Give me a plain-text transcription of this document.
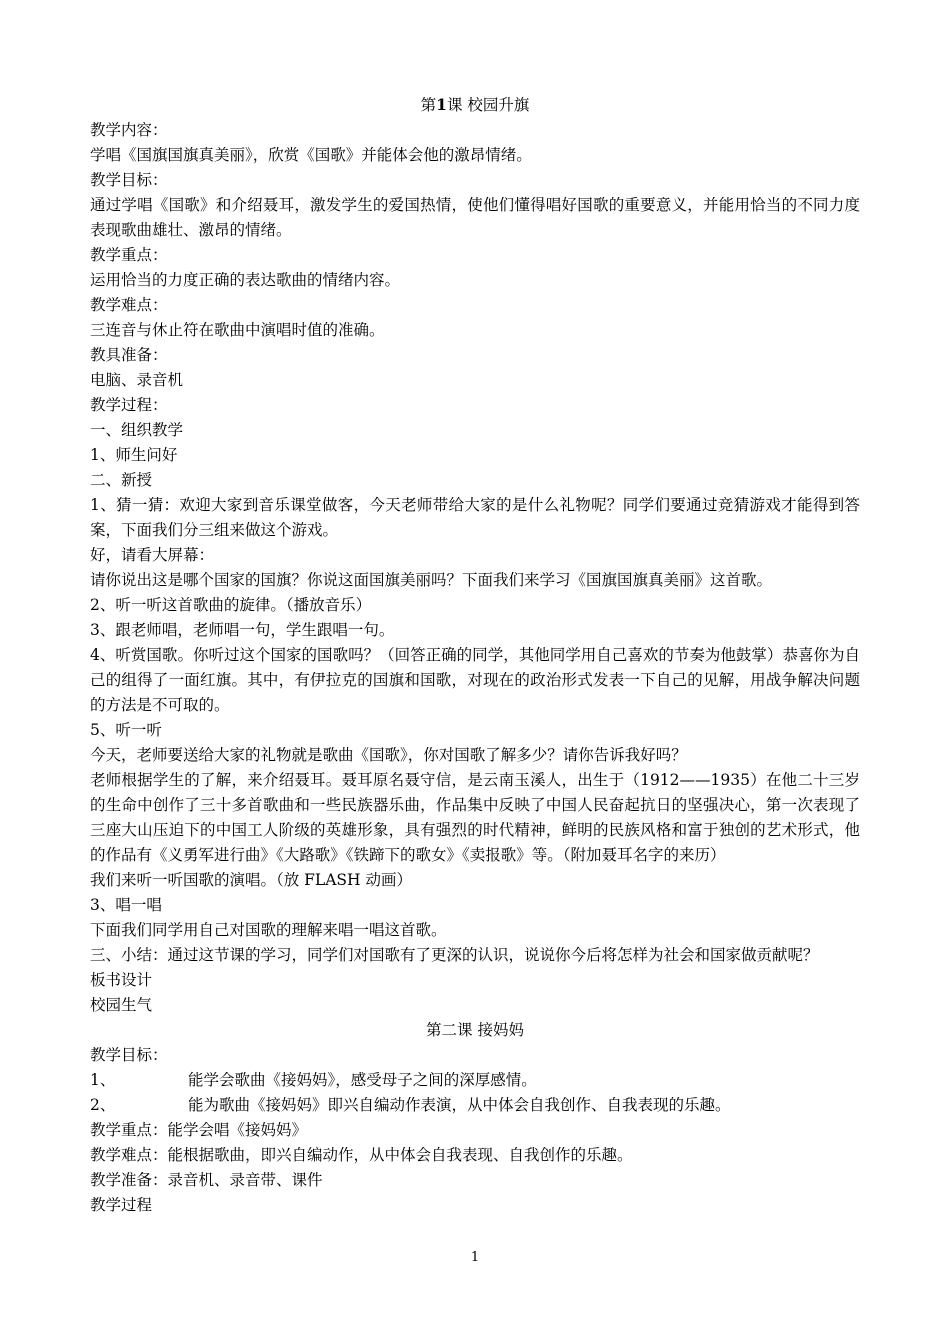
第1课 校园升旗

教学内容：

学唱《国旗国旗真美丽》，欣赏《国歌》并能体会他的激昂情绪。

教学目标：

通过学唱《国歌》和介绍聂耳，激发学生的爱国热情，使他们懂得唱好国歌的重要意义，并能用恰当的不同力度表现歌曲雄壮、激昂的情绪。

教学重点：

运用恰当的力度正确的表达歌曲的情绪内容。

教学难点：

三连音与休止符在歌曲中演唱时值的准确。

教具准备：

电脑、录音机

教学过程：

一、组织教学

1、师生问好

二、新授

1、猜一猜：欢迎大家到音乐课堂做客，今天老师带给大家的是什么礼物呢？同学们要通过竞猜游戏才能得到答案，下面我们分三组来做这个游戏。

好，请看大屏幕：

请你说出这是哪个国家的国旗？你说这面国旗美丽吗？下面我们来学习《国旗国旗真美丽》这首歌。

2、听一听这首歌曲的旋律。（播放音乐）

3、跟老师唱，老师唱一句，学生跟唱一句。

4、听赏国歌。你听过这个国家的国歌吗？（回答正确的同学，其他同学用自己喜欢的节奏为他鼓掌）恭喜你为自己的组得了一面红旗。其中，有伊拉克的国旗和国歌，对现在的政治形式发表一下自己的见解，用战争解决问题的方法是不可取的。

5、听一听

今天，老师要送给大家的礼物就是歌曲《国歌》，你对国歌了解多少？请你告诉我好吗？

老师根据学生的了解，来介绍聂耳。聂耳原名聂守信，是云南玉溪人，出生于（1912——1935）在他二十三岁的生命中创作了三十多首歌曲和一些民族器乐曲，作品集中反映了中国人民奋起抗日的坚强决心，第一次表现了三座大山压迫下的中国工人阶级的英雄形象，具有强烈的时代精神，鲜明的民族风格和富于独创的艺术形式，他的作品有《义勇军进行曲》《大路歌》《铁蹄下的歌女》《卖报歌》等。（附加聂耳名字的来历）

我们来听一听国歌的演唱。（放 FLASH 动画）

3、唱一唱

下面我们同学用自己对国歌的理解来唱一唱这首歌。

三、小结：通过这节课的学习，同学们对国歌有了更深的认识，说说你今后将怎样为社会和国家做贡献呢？

板书设计

校园生气

第二课 接妈妈

教学目标：

1、	能学会歌曲《接妈妈》，感受母子之间的深厚感情。
2、	能为歌曲《接妈妈》即兴自编动作表演，从中体会自我创作、自我表现的乐趣。

教学重点：能学会唱《接妈妈》

教学难点：能根据歌曲，即兴自编动作，从中体会自我表现、自我创作的乐趣。

教学准备：录音机、录音带、课件

教学过程

1
